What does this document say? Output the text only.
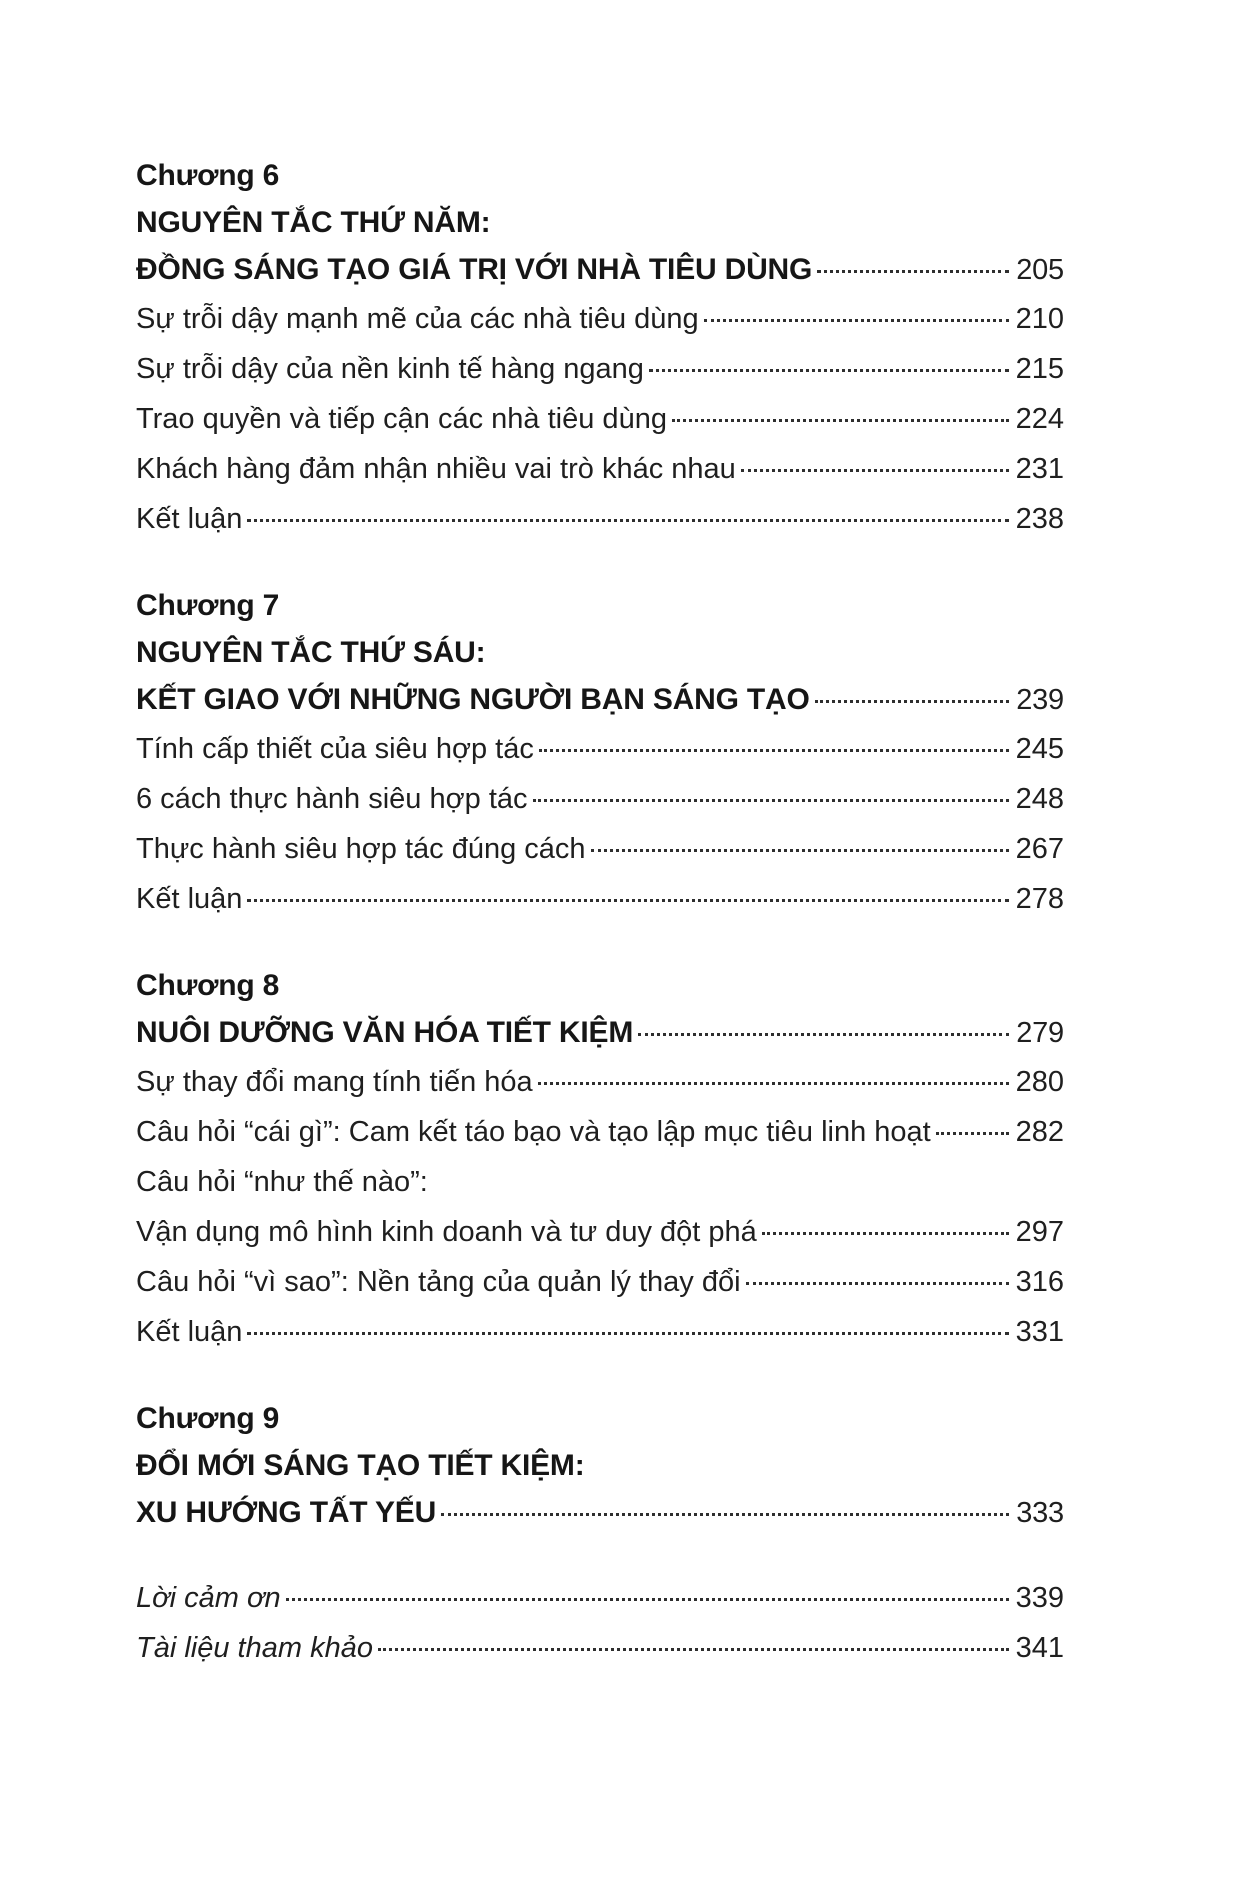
Chương 6
NGUYÊN TẮC THỨ NĂM:
ĐỒNG SÁNG TẠO GIÁ TRỊ VỚI NHÀ TIÊU DÙNG	205
Sự trỗi dậy mạnh mẽ của các nhà tiêu dùng	210
Sự trỗi dậy của nền kinh tế hàng ngang	215
Trao quyền và tiếp cận các nhà tiêu dùng	224
Khách hàng đảm nhận nhiều vai trò khác nhau	231
Kết luận	238
Chương 7
NGUYÊN TẮC THỨ SÁU:
KẾT GIAO VỚI NHỮNG NGƯỜI BẠN SÁNG TẠO	239
Tính cấp thiết của siêu hợp tác	245
6 cách thực hành siêu hợp tác	248
Thực hành siêu hợp tác đúng cách	267
Kết luận	278
Chương 8
NUÔI DƯỠNG VĂN HÓA TIẾT KIỆM	279
Sự thay đổi mang tính tiến hóa	280
Câu hỏi “cái gì”: Cam kết táo bạo và tạo lập mục tiêu linh hoạt	282
Câu hỏi “như thế nào”:
Vận dụng mô hình kinh doanh và tư duy đột phá	297
Câu hỏi “vì sao”: Nền tảng của quản lý thay đổi	316
Kết luận	331
Chương 9
ĐỔI MỚI SÁNG TẠO TIẾT KIỆM:
XU HƯỚNG TẤT YẾU	333
Lời cảm ơn	339
Tài liệu tham khảo	341
